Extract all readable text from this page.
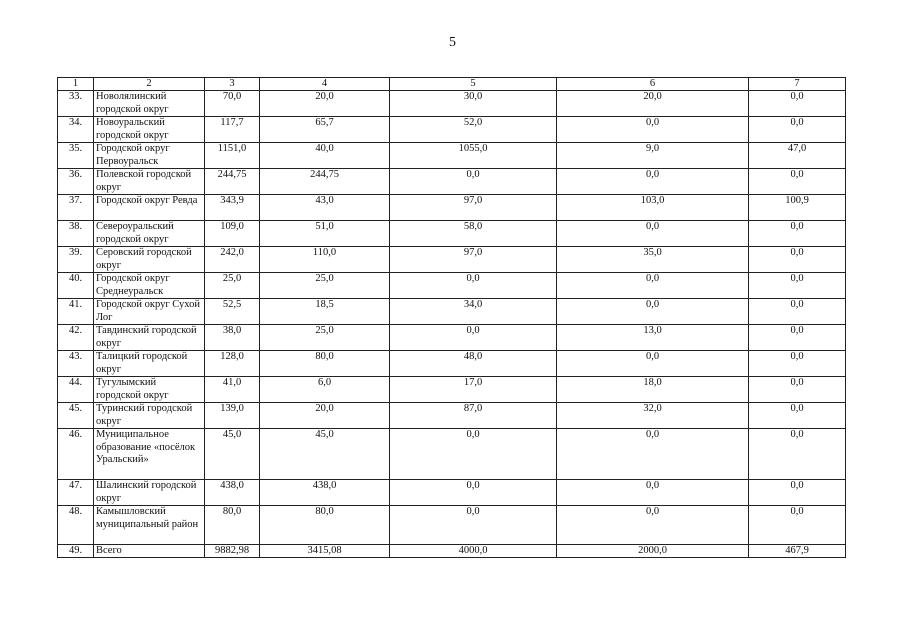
5
1	2	3	4	5	6	7
33.	Новолялинский городской округ	70,0	20,0	30,0	20,0	0,0
34.	Новоуральский городской округ	117,7	65,7	52,0	0,0	0,0
35.	Городской округ Первоуральск	1151,0	40,0	1055,0	9,0	47,0
36.	Полевской городской округ	244,75	244,75	0,0	0,0	0,0
37.	Городской округ Ревда	343,9	43,0	97,0	103,0	100,9
38.	Североуральский городской округ	109,0	51,0	58,0	0,0	0,0
39.	Серовский городской округ	242,0	110,0	97,0	35,0	0,0
40.	Городской округ Среднеуральск	25,0	25,0	0,0	0,0	0,0
41.	Городской округ Сухой Лог	52,5	18,5	34,0	0,0	0,0
42.	Тавдинский городской округ	38,0	25,0	0,0	13,0	0,0
43.	Талицкий городской округ	128,0	80,0	48,0	0,0	0,0
44.	Тугулымский городской округ	41,0	6,0	17,0	18,0	0,0
45.	Туринский городской округ	139,0	20,0	87,0	32,0	0,0
46.	Муниципальное образование «посёлок Уральский»	45,0	45,0	0,0	0,0	0,0
47.	Шалинский городской округ	438,0	438,0	0,0	0,0	0,0
48.	Камышловский муниципальный район	80,0	80,0	0,0	0,0	0,0
49.	Всего	9882,98	3415,08	4000,0	2000,0	467,9
